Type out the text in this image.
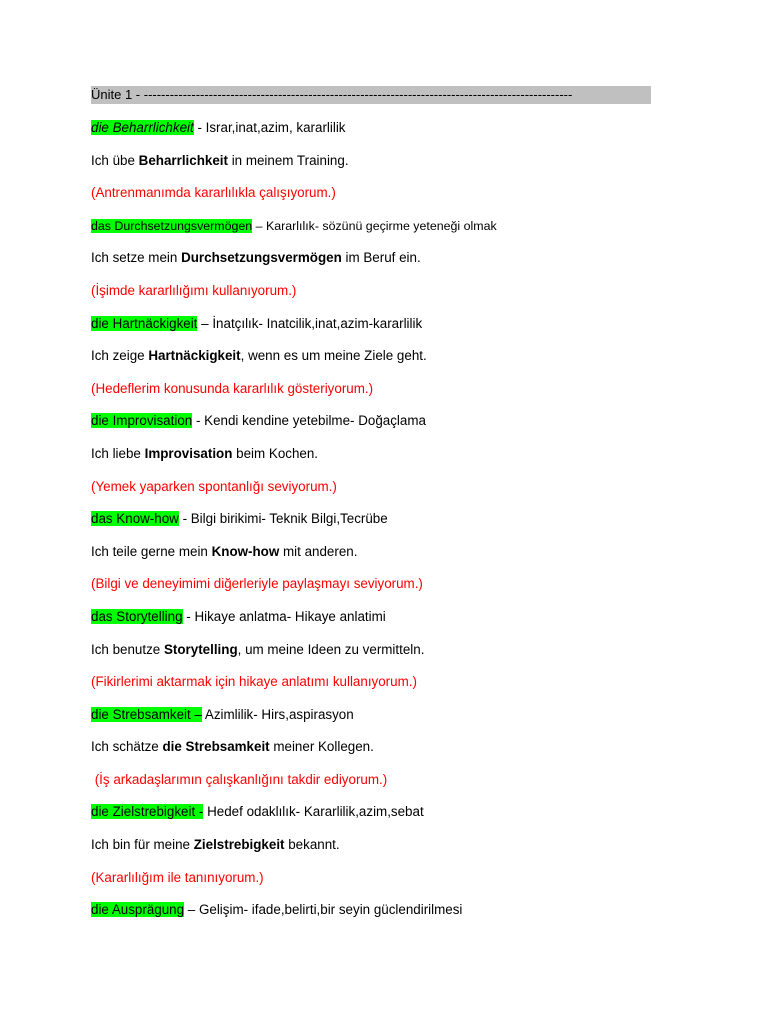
Ünite 1 - ---------------------------------------------------------------------------------------------------
die Beharrlichkeit - Israr,inat,azim, kararlilik
Ich übe Beharrlichkeit in meinem Training.
(Antrenmanımda kararlılıkla çalışıyorum.)
das Durchsetzungsvermögen – Kararlılık- sözünü geçirme yeteneği olmak
Ich setze mein Durchsetzungsvermögen im Beruf ein.
(İşimde kararlılığımı kullanıyorum.)
die Hartnäckigkeit – İnatçılık- Inatcilik,inat,azim-kararlilik
Ich zeige Hartnäckigkeit, wenn es um meine Ziele geht.
(Hedeflerim konusunda kararlılık gösteriyorum.)
die Improvisation - Kendi kendine yetebilme- Doğaçlama
Ich liebe Improvisation beim Kochen.
(Yemek yaparken spontanlığı seviyorum.)
das Know-how - Bilgi birikimi- Teknik Bilgi,Tecrübe
Ich teile gerne mein Know-how mit anderen.
(Bilgi ve deneyimimi diğerleriyle paylaşmayı seviyorum.)
das Storytelling - Hikaye anlatma- Hikaye anlatimi
Ich benutze Storytelling, um meine Ideen zu vermitteln.
(Fikirlerimi aktarmak için hikaye anlatımı kullanıyorum.)
die Strebsamkeit – Azimlilik- Hirs,aspirasyon
Ich schätze die Strebsamkeit meiner Kollegen.
(İş arkadaşlarımın çalışkanlığını takdir ediyorum.)
die Zielstrebigkeit - Hedef odaklılık- Kararlilik,azim,sebat
Ich bin für meine Zielstrebigkeit bekannt.
(Kararlılığım ile tanınıyorum.)
die Ausprägung – Gelişim- ifade,belirti,bir seyin güclendirilmesi
